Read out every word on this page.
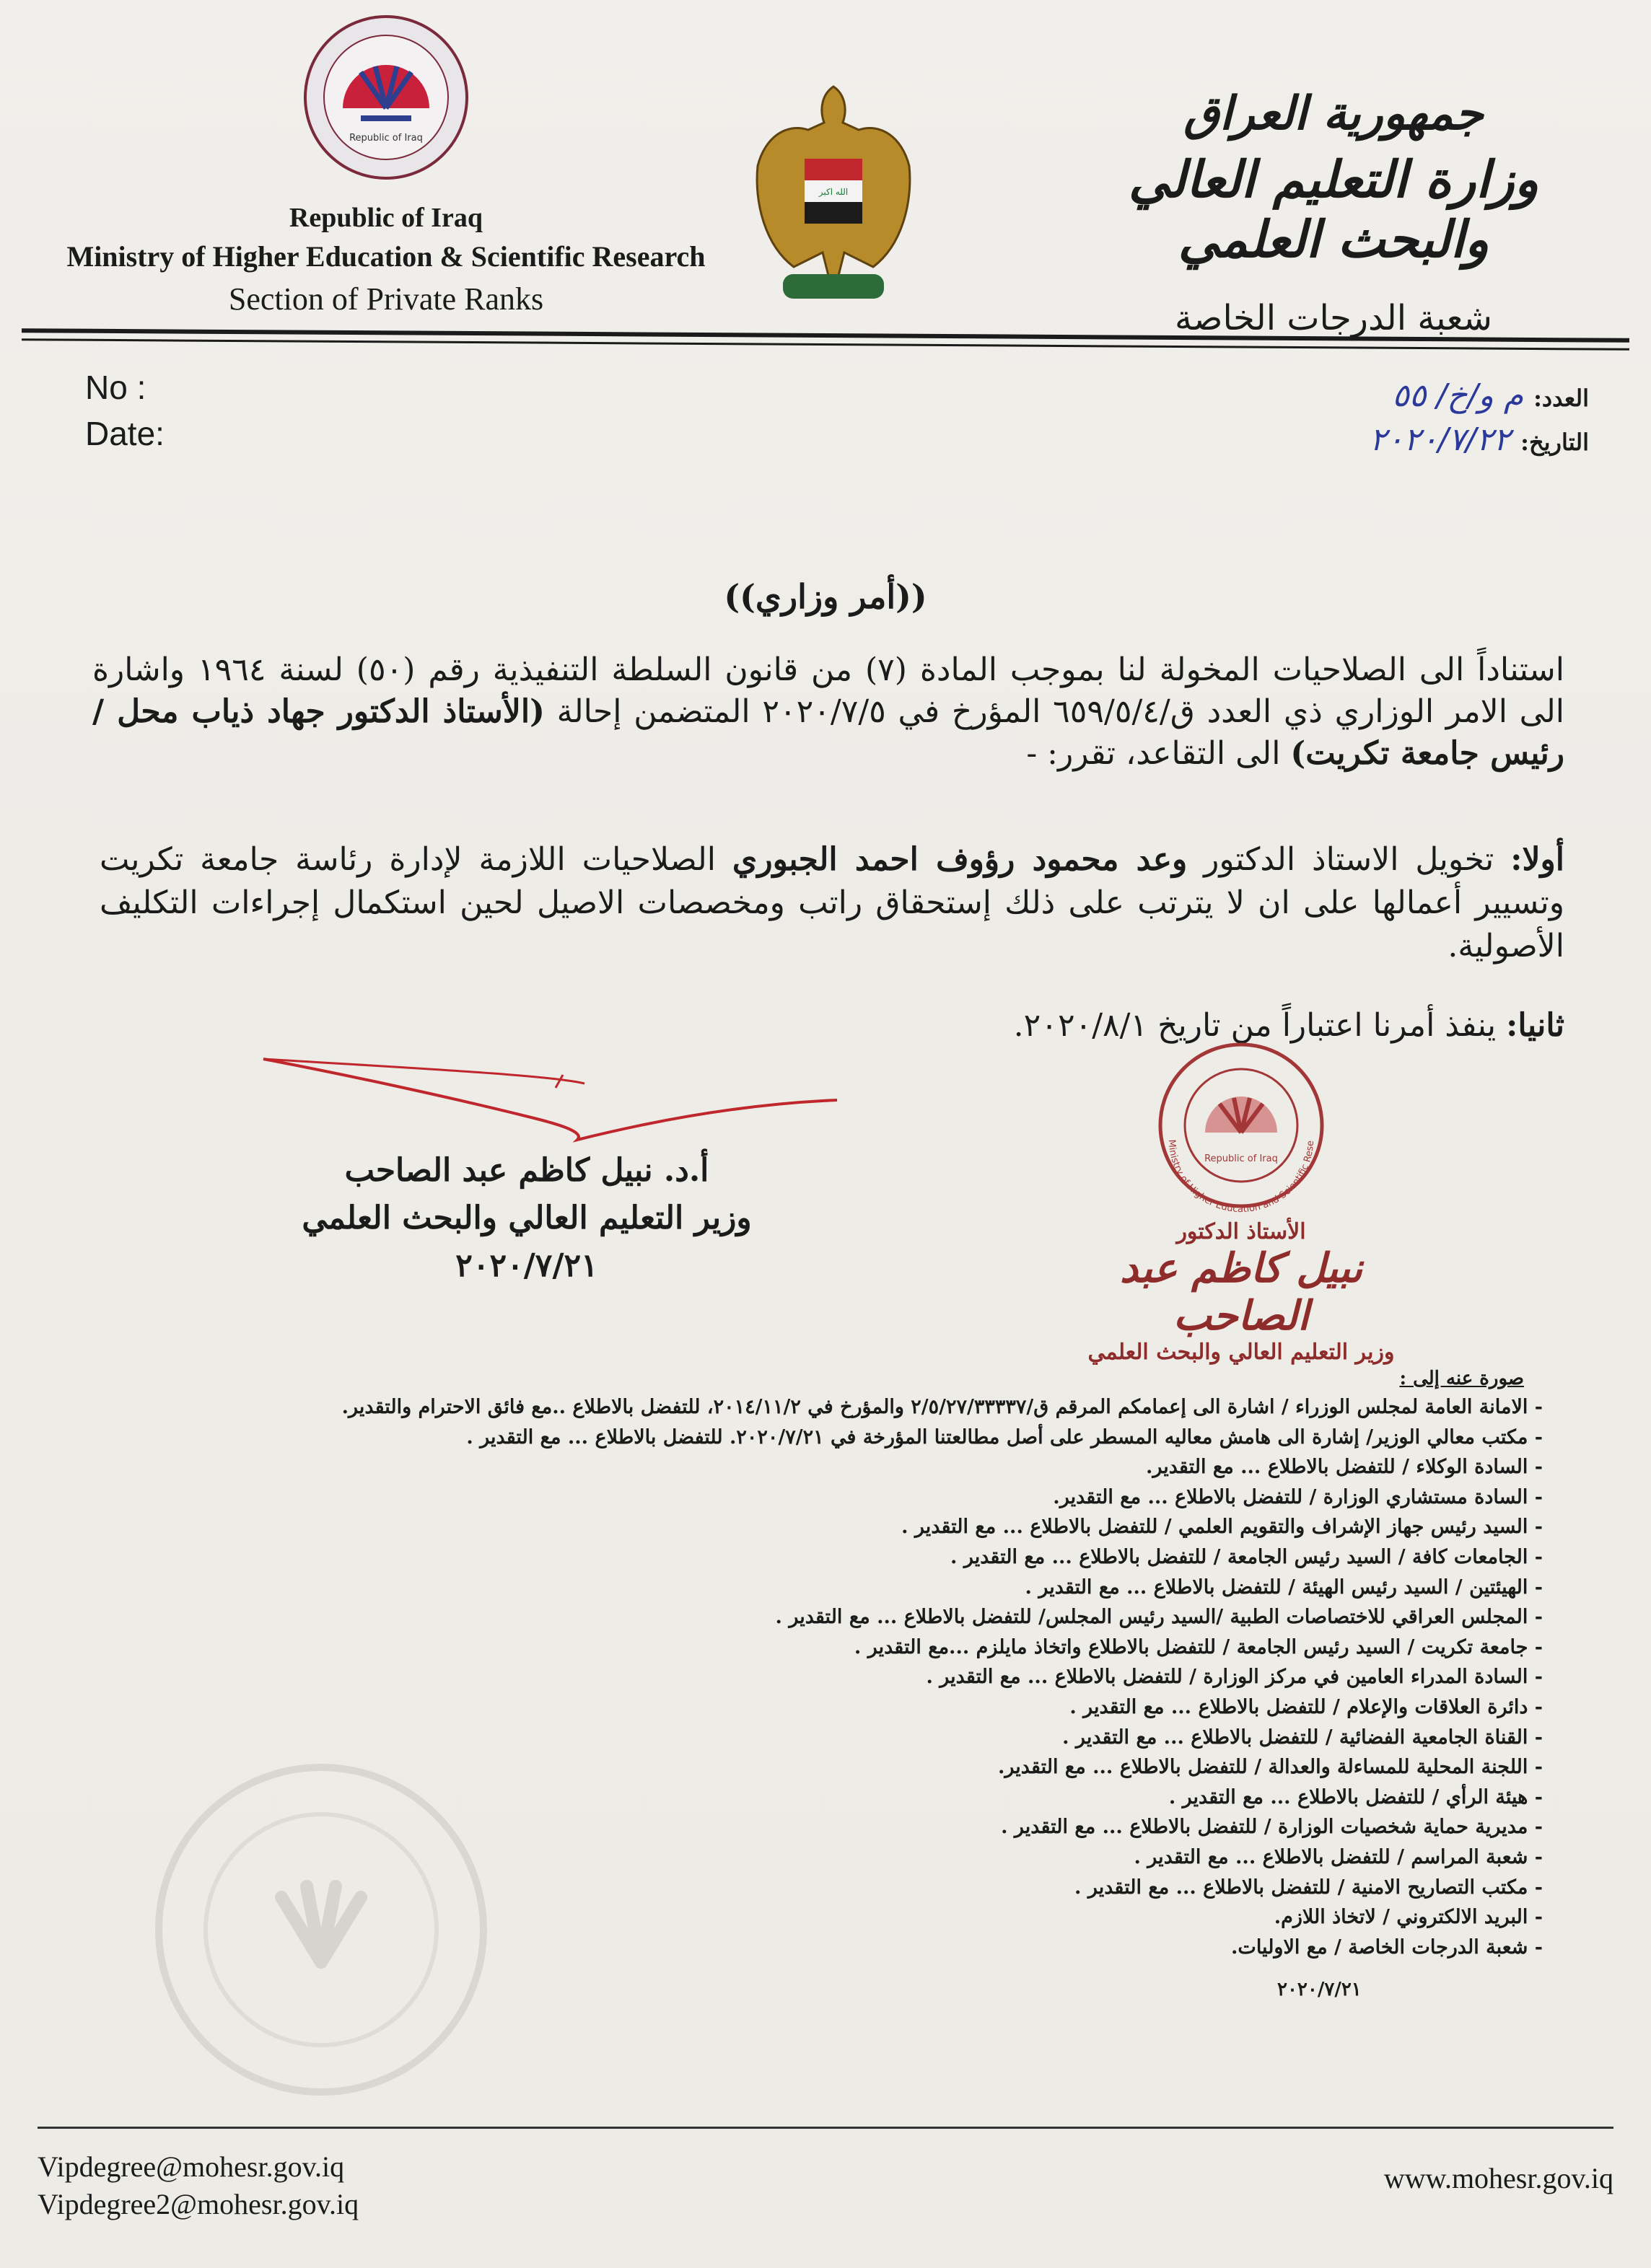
Republic of Iraq
الله اكبر
Republic of Iraq
Ministry of Higher Education & Scientific Research
Section of Private Ranks
جمهورية العراق
وزارة التعليم العالي والبحث العلمي
شعبة الدرجات الخاصة
No :
Date:
العدد:م و/خ/ ٥٥
التاريخ:٢٠٢٠/٧/٢٢
((أمر وزاري))
استناداً الى الصلاحيات المخولة لنا بموجب المادة (٧) من قانون السلطة التنفيذية رقم (٥٠) لسنة ١٩٦٤ واشارة الى الامر الوزاري ذي العدد ق/٦٥٩/٥/٤ المؤرخ في ٢٠٢٠/٧/٥ المتضمن إحالة (الأستاذ الدكتور جهاد ذياب محل / رئيس جامعة تكريت) الى التقاعد، تقرر: -
أولا: تخويل الاستاذ الدكتور وعد محمود رؤوف احمد الجبوري الصلاحيات اللازمة لإدارة رئاسة جامعة تكريت وتسيير أعمالها على ان لا يترتب على ذلك إستحقاق راتب ومخصصات الاصيل لحين استكمال إجراءات التكليف الأصولية.
ثانيا: ينفذ أمرنا اعتباراً من تاريخ ٢٠٢٠/٨/١.
Republic of Iraq
Ministry of Higher Education and Scientific Rese
الأستاذ الدكتور
نبيل كاظم عبد الصاحب
وزير التعليم العالي والبحث العلمي
أ.د. نبيل كاظم عبد الصاحب
وزير التعليم العالي والبحث العلمي
٢٠٢٠/٧/٢١
صورة عنه إلى :
- الامانة العامة لمجلس الوزراء / اشارة الى إعمامكم المرقم ق/٢/٥/٢٧/٣٣٣٣٧ والمؤرخ في ٢٠١٤/١١/٢، للتفضل بالاطلاع ..مع فائق الاحترام والتقدير.
- مكتب معالي الوزير/ إشارة الى هامش معاليه المسطر على أصل مطالعتنا المؤرخة في ٢٠٢٠/٧/٢١. للتفضل بالاطلاع ... مع التقدير .
- السادة الوكلاء / للتفضل بالاطلاع ... مع التقدير.
- السادة مستشاري الوزارة / للتفضل بالاطلاع ... مع التقدير.
- السيد رئيس جهاز الإشراف والتقويم العلمي / للتفضل بالاطلاع ... مع التقدير .
- الجامعات كافة / السيد رئيس الجامعة / للتفضل بالاطلاع ... مع التقدير .
- الهيئتين / السيد رئيس الهيئة / للتفضل بالاطلاع ... مع التقدير .
- المجلس العراقي للاختصاصات الطبية /السيد رئيس المجلس/ للتفضل بالاطلاع ... مع التقدير .
- جامعة تكريت / السيد رئيس الجامعة / للتفضل بالاطلاع واتخاذ مايلزم ...مع التقدير .
- السادة المدراء العامين في مركز الوزارة / للتفضل بالاطلاع ... مع التقدير .
- دائرة العلاقات والإعلام / للتفضل بالاطلاع ... مع التقدير .
- القناة الجامعية الفضائية / للتفضل بالاطلاع ... مع التقدير .
- اللجنة المحلية للمساءلة والعدالة / للتفضل بالاطلاع ... مع التقدير.
- هيئة الرأي / للتفضل بالاطلاع ... مع التقدير .
- مديرية حماية شخصيات الوزارة / للتفضل بالاطلاع ... مع التقدير .
- شعبة المراسم / للتفضل بالاطلاع ... مع التقدير .
- مكتب التصاريح الامنية / للتفضل بالاطلاع ... مع التقدير .
- البريد الالكتروني / لاتخاذ اللازم.
- شعبة الدرجات الخاصة / مع الاوليات.
٢٠٢٠/٧/٢١
Vipdegree@mohesr.gov.iq
Vipdegree2@mohesr.gov.iq
www.mohesr.gov.iq
